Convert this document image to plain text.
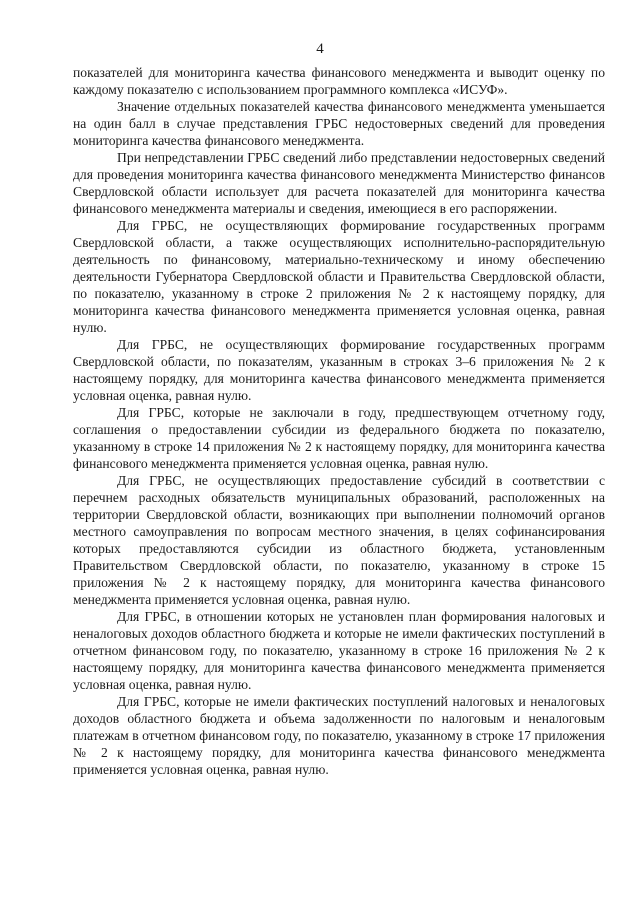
4

показателей для мониторинга качества финансового менеджмента и выводит оценку по каждому показателю с использованием программного комплекса «ИСУФ».

Значение отдельных показателей качества финансового менеджмента уменьшается на один балл в случае представления ГРБС недостоверных сведений для проведения мониторинга качества финансового менеджмента.

При непредставлении ГРБС сведений либо представлении недостоверных сведений для проведения мониторинга качества финансового менеджмента Министерство финансов Свердловской области использует для расчета показателей для мониторинга качества финансового менеджмента материалы и сведения, имеющиеся в его распоряжении.

Для ГРБС, не осуществляющих формирование государственных программ Свердловской области, а также осуществляющих исполнительно-распорядительную деятельность по финансовому, материально-техническому и иному обеспечению деятельности Губернатора Свердловской области и Правительства Свердловской области, по показателю, указанному в строке 2 приложения № 2 к настоящему порядку, для мониторинга качества финансового менеджмента применяется условная оценка, равная нулю.

Для ГРБС, не осуществляющих формирование государственных программ Свердловской области, по показателям, указанным в строках 3–6 приложения № 2 к настоящему порядку, для мониторинга качества финансового менеджмента применяется условная оценка, равная нулю.

Для ГРБС, которые не заключали в году, предшествующем отчетному году, соглашения о предоставлении субсидии из федерального бюджета по показателю, указанному в строке 14 приложения № 2 к настоящему порядку, для мониторинга качества финансового менеджмента применяется условная оценка, равная нулю.

Для ГРБС, не осуществляющих предоставление субсидий в соответствии с перечнем расходных обязательств муниципальных образований, расположенных на территории Свердловской области, возникающих при выполнении полномочий органов местного самоуправления по вопросам местного значения, в целях софинансирования которых предоставляются субсидии из областного бюджета, установленным Правительством Свердловской области, по показателю, указанному в строке 15 приложения № 2 к настоящему порядку, для мониторинга качества финансового менеджмента применяется условная оценка, равная нулю.

Для ГРБС, в отношении которых не установлен план формирования налоговых и неналоговых доходов областного бюджета и которые не имели фактических поступлений в отчетном финансовом году, по показателю, указанному в строке 16 приложения № 2 к настоящему порядку, для мониторинга качества финансового менеджмента применяется условная оценка, равная нулю.

Для ГРБС, которые не имели фактических поступлений налоговых и неналоговых доходов областного бюджета и объема задолженности по налоговым и неналоговым платежам в отчетном финансовом году, по показателю, указанному в строке 17 приложения № 2 к настоящему порядку, для мониторинга качества финансового менеджмента применяется условная оценка, равная нулю.
